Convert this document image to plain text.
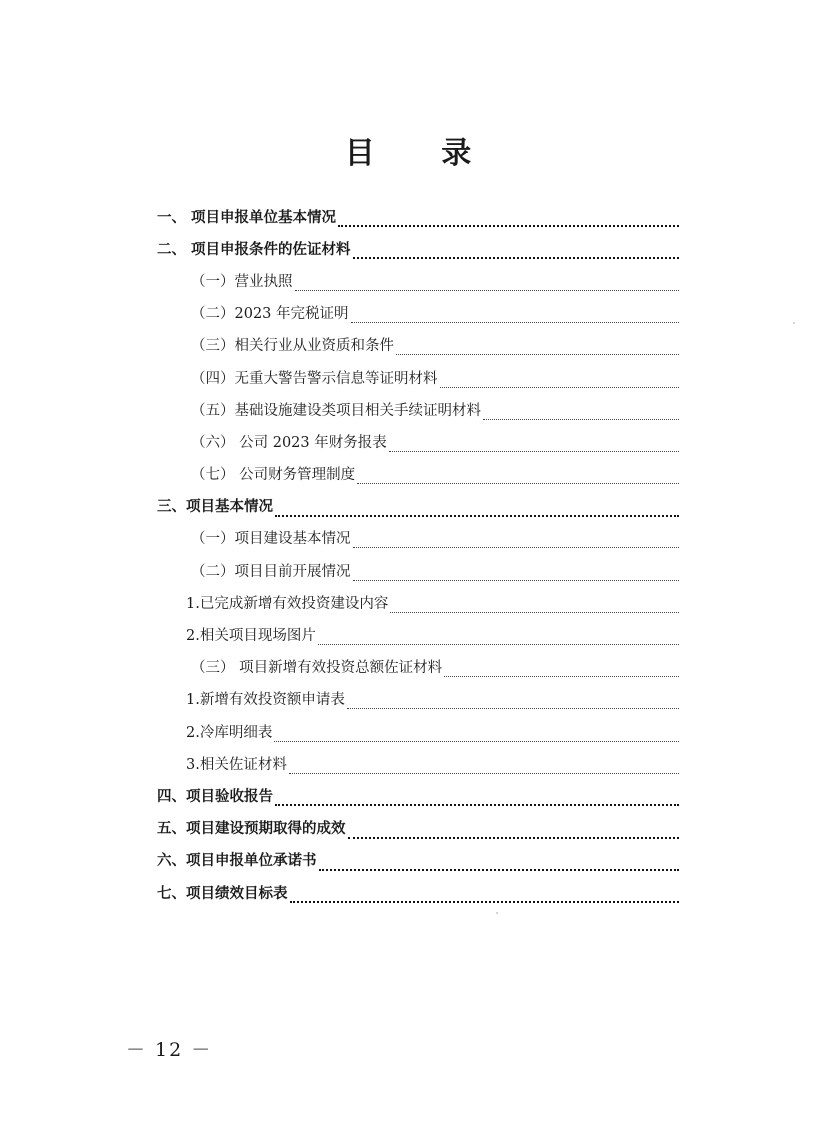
目 录
一、 项目申报单位基本情况
二、 项目申报条件的佐证材料
（一）营业执照
（二）2023 年完税证明
（三）相关行业从业资质和条件
（四）无重大警告警示信息等证明材料
（五）基础设施建设类项目相关手续证明材料
（六） 公司 2023 年财务报表
（七） 公司财务管理制度
三、项目基本情况
（一）项目建设基本情况
（二）项目目前开展情况
1.已完成新增有效投资建设内容
2.相关项目现场图片
（三） 项目新增有效投资总额佐证材料
1.新增有效投资额申请表
2.冷库明细表
3.相关佐证材料
四、项目验收报告
五、项目建设预期取得的成效
六、项目申报单位承诺书
七、项目绩效目标表
－ 12 －
